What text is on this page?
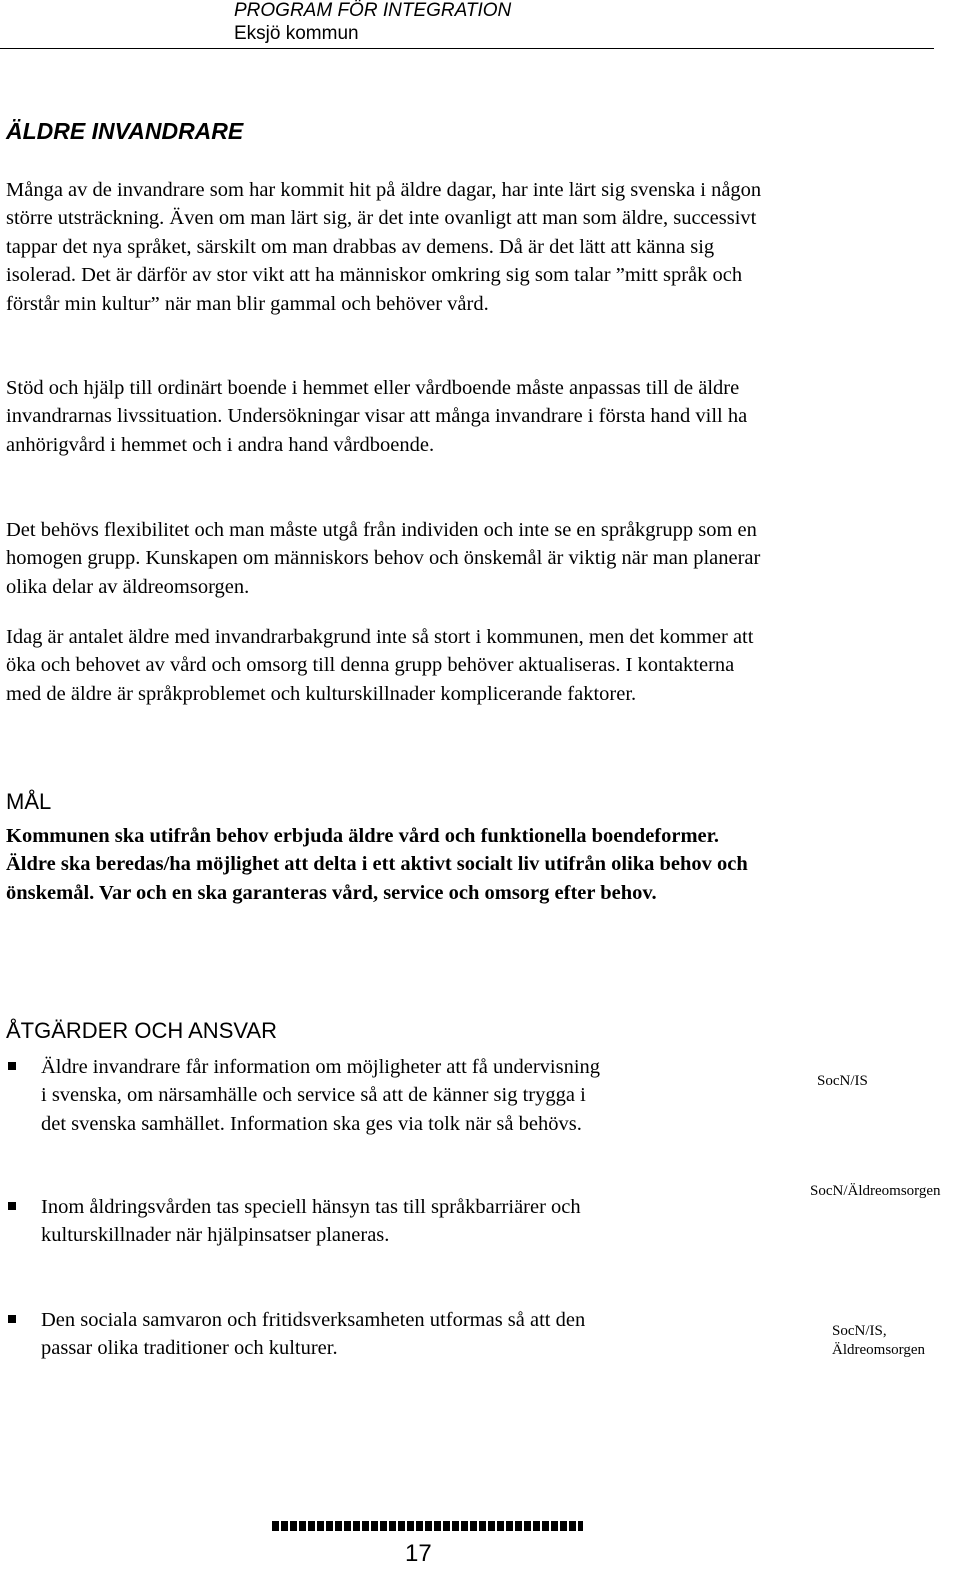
PROGRAM FÖR INTEGRATION
Eksjö kommun
ÄLDRE INVANDRARE
Många av de invandrare som har kommit hit på äldre dagar, har inte lärt sig svenska i någon större utsträckning. Även om man lärt sig, är det inte ovanligt att man som äldre, successivt tappar det nya språket, särskilt om man drabbas av demens. Då är det lätt att känna sig isolerad. Det är därför av stor vikt att ha människor omkring sig som talar ”mitt språk och förstår min kultur” när man blir gammal och behöver vård.
Stöd och hjälp till ordinärt boende i hemmet eller vårdboende måste anpassas till de äldre invandrarnas livssituation. Undersökningar visar att många invandrare i första hand vill ha anhörigvård i hemmet och i andra hand vårdboende.
Det behövs flexibilitet och man måste utgå från individen och inte se en språkgrupp som en homogen grupp. Kunskapen om människors behov och önskemål är viktig när man planerar olika delar av äldreomsorgen.
Idag är antalet äldre med invandrarbakgrund inte så stort i kommunen, men det kommer att öka och behovet av vård och omsorg till denna grupp behöver aktualiseras. I kontakterna med de äldre är språkproblemet och kulturskillnader komplicerande faktorer.
MÅL
Kommunen ska utifrån behov erbjuda äldre vård och funktionella boendeformer. Äldre ska beredas/ha möjlighet att delta i ett aktivt socialt liv utifrån olika behov och önskemål. Var och en ska garanteras vård, service och omsorg efter behov.
ÅTGÄRDER OCH ANSVAR
Äldre invandrare får information om möjligheter att få undervisning i svenska, om närsamhälle och service så att de känner sig trygga i det svenska samhället. Information ska ges via tolk när så behövs.
SocN/IS
Inom åldringsvården tas speciell hänsyn tas till språkbarriärer och kulturskillnader när hjälpinsatser planeras.
SocN/Äldreomsorgen
Den sociala samvaron och fritidsverksamheten utformas så att den passar olika traditioner och kulturer.
SocN/IS, Äldreomsorgen
17
